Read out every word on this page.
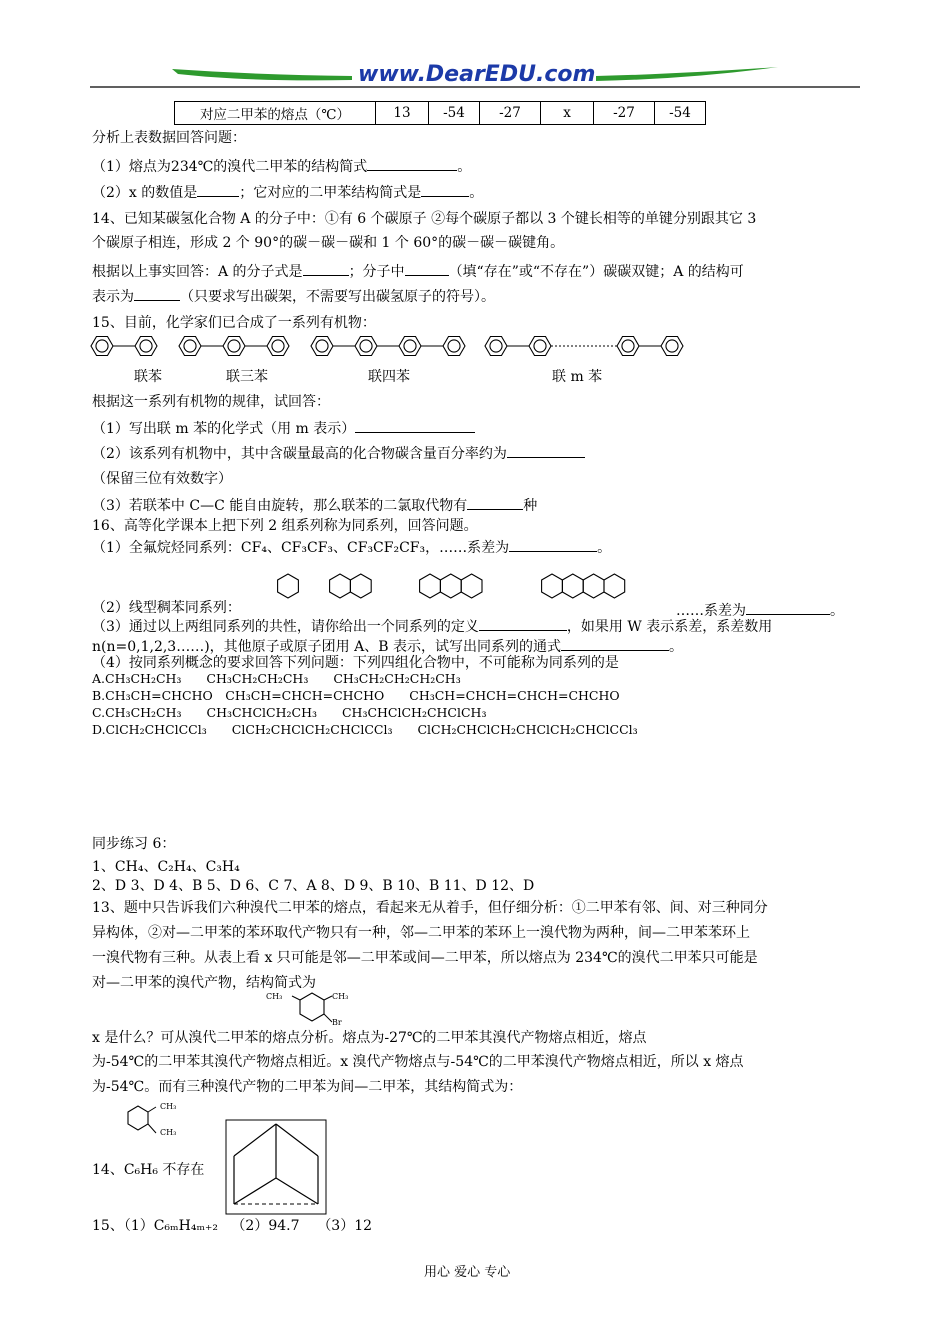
www.DearEDU.com
对应二甲苯的熔点（℃）	13	-54	-27	x	-27	-54
分析上表数据回答问题：
（1）熔点为234℃的溴代二甲苯的结构简式	。
（2）x 的数值是	；它对应的二甲苯结构简式是	。
14、已知某碳氢化合物 A 的分子中：①有 6 个碳原子 ②每个碳原子都以 3 个键长相等的单键分别跟其它 3
个碳原子相连，形成 2 个 90°的碳－碳－碳和 1 个 60°的碳－碳－碳键角。
根据以上事实回答：A 的分子式是	；分子中	（填“存在”或“不存在”）碳碳双键；A 的结构可
表示为	（只要求写出碳架，不需要写出碳氢原子的符号）。
15、目前，化学家们已合成了一系列有机物：
联苯	联三苯	联四苯	联 m 苯
根据这一系列有机物的规律，试回答：
（1）写出联 m 苯的化学式（用 m 表示）
（2）该系列有机物中，其中含碳量最高的化合物碳含量百分率约为
（保留三位有效数字）
（3）若联苯中 C—C 能自由旋转，那么联苯的二氯取代物有	种
16、高等化学课本上把下列 2 组系列称为同系列，回答问题。
（1）全氟烷烃同系列：CF₄、CF₃CF₃、CF₃CF₂CF₃，……系差为	。
（2）线型稠苯同系列：	……系差为	。
（3）通过以上两组同系列的共性，请你给出一个同系列的定义	，如果用 W 表示系差，系差数用
n(n=0,1,2,3……)，其他原子或原子团用 A、B 表示，试写出同系列的通式	。
（4）按同系列概念的要求回答下列问题：下列四组化合物中，不可能称为同系列的是
A.CH₃CH₂CH₃　　CH₃CH₂CH₂CH₃　　CH₃CH₂CH₂CH₂CH₃
B.CH₃CH=CHCHO　CH₃CH=CHCH=CHCHO　　CH₃CH=CHCH=CHCH=CHCHO
C.CH₃CH₂CH₃　　CH₃CHClCH₂CH₃　　CH₃CHClCH₂CHClCH₃
D.ClCH₂CHClCCl₃　　ClCH₂CHClCH₂CHClCCl₃　　ClCH₂CHClCH₂CHClCH₂CHClCCl₃
同步练习 6：
1、CH₄、C₂H₄、C₃H₄
2、D 3、D 4、B 5、D 6、C 7、A 8、D 9、B 10、B 11、D 12、D
13、题中只告诉我们六种溴代二甲苯的熔点，看起来无从着手，但仔细分析：①二甲苯有邻、间、对三种同分
异构体，②对—二甲苯的苯环取代产物只有一种，邻—二甲苯的苯环上一溴代物为两种，间—二甲苯苯环上
一溴代物有三种。从表上看 x 只可能是邻—二甲苯或间—二甲苯，所以熔点为 234℃的溴代二甲苯只可能是
对—二甲苯的溴代产物，结构简式为
CH₃	CH₃
Br
x 是什么？可从溴代二甲苯的熔点分析。熔点为-27℃的二甲苯其溴代产物熔点相近，熔点
为-54℃的二甲苯其溴代产物熔点相近。x 溴代产物熔点与-54℃的二甲苯溴代产物熔点相近，所以 x 熔点
为-54℃。而有三种溴代产物的二甲苯为间—二甲苯，其结构简式为：
CH₃
CH₃
14、C₆H₆ 不存在
15、（1）C₆ₘH₄ₘ₊₂ （2）94.7 （3）12
用心 爱心 专心
